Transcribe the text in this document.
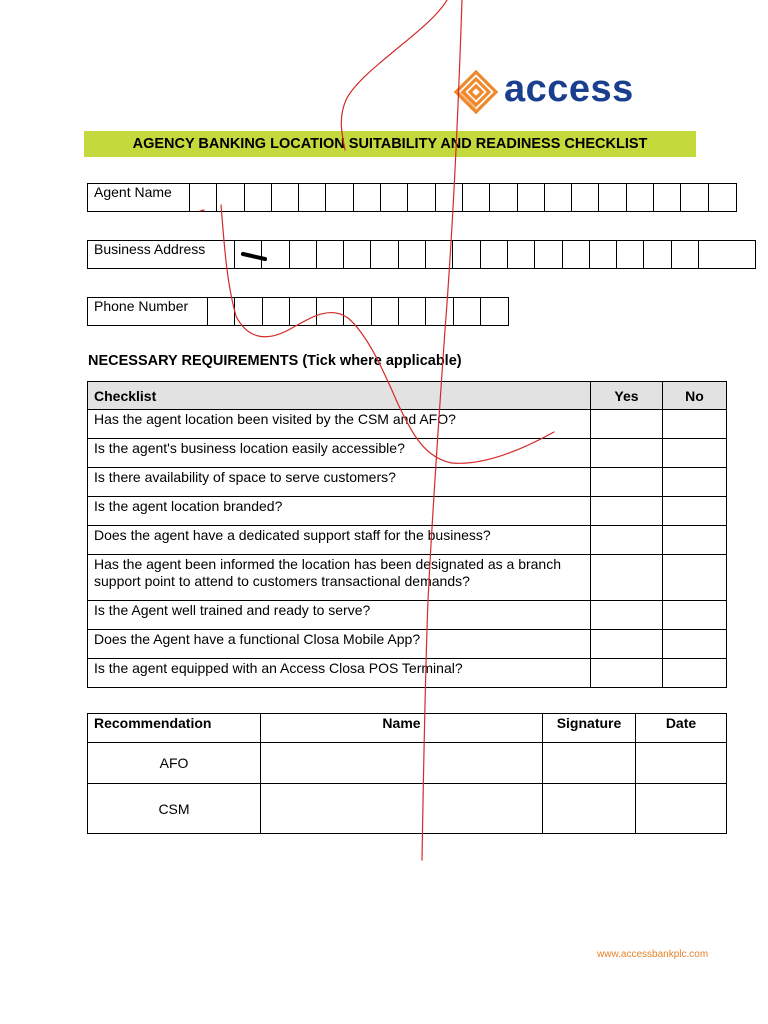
access
AGENCY BANKING LOCATION SUITABILITY AND READINESS CHECKLIST
Agent Name
Business Address
Phone Number
NECESSARY REQUIREMENTS (Tick where applicable)
Checklist	Yes	No
Has the agent location been visited by the CSM and AFO?		
Is the agent's business location easily accessible?		
Is there availability of space to serve customers?		
Is the agent location branded?		
Does the agent have a dedicated support staff for the business?		
Has the agent been informed the location has been designated as a branch support point to attend to customers transactional demands?		
Is the Agent well trained and ready to serve?		
Does the Agent have a functional Closa Mobile App?		
Is the agent equipped with an Access Closa POS Terminal?		
Recommendation	Name	Signature	Date
AFO			
CSM			
www.accessbankplc.com
